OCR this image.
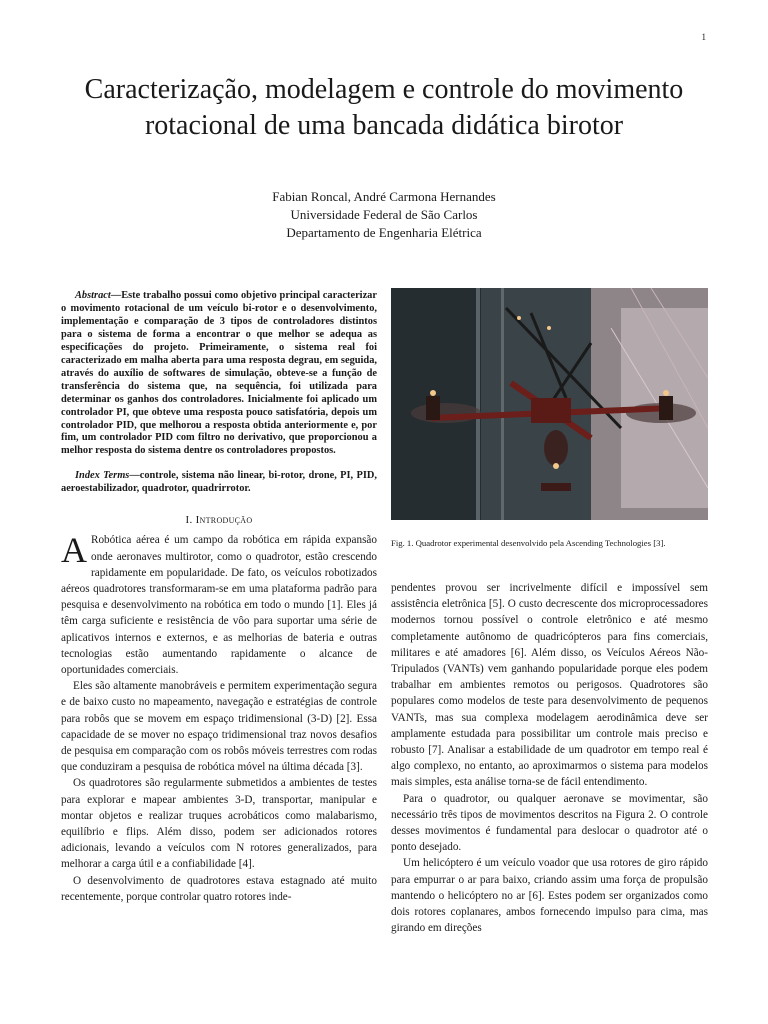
1
Caracterização, modelagem e controle do movimento rotacional de uma bancada didática birotor
Fabian Roncal, André Carmona Hernandes
Universidade Federal de São Carlos
Departamento de Engenharia Elétrica

Abstract—Este trabalho possui como objetivo principal caracterizar o movimento rotacional de um veículo bi-rotor e o desenvolvimento, implementação e comparação de 3 tipos de controladores distintos para o sistema de forma a encontrar o que melhor se adequa as especificações do projeto. Primeiramente, o sistema real foi caracterizado em malha aberta para uma resposta degrau, em seguida, através do auxílio de softwares de simulação, obteve-se a função de transferência do sistema que, na sequência, foi utilizada para determinar os ganhos dos controladores. Inicialmente foi aplicado um controlador PI, que obteve uma resposta pouco satisfatória, depois um controlador PID, que melhorou a resposta obtida anteriormente e, por fim, um controlador PID com filtro no derivativo, que proporcionou a melhor resposta do sistema dentre os controladores propostos.

Index Terms—controle, sistema não linear, bi-rotor, drone, PI, PID, aeroestabilizador, quadrotor, quadrirrotor.

I. Introdução

A Robótica aérea é um campo da robótica em rápida expansão onde aeronaves multirotor, como o quadrotor, estão crescendo rapidamente em popularidade. De fato, os veículos robotizados aéreos quadrotores transformaram-se em uma plataforma padrão para pesquisa e desenvolvimento na robótica em todo o mundo [1]. Eles já têm carga suficiente e resistência de vôo para suportar uma série de aplicativos internos e externos, e as melhorias de bateria e outras tecnologias estão aumentando rapidamente o alcance de oportunidades comerciais.

Eles são altamente manobráveis e permitem experimentação segura e de baixo custo no mapeamento, navegação e estratégias de controle para robôs que se movem em espaço tridimensional (3-D) [2]. Essa capacidade de se mover no espaço tridimensional traz novos desafios de pesquisa em comparação com os robôs móveis terrestres com rodas que conduziram a pesquisa de robótica móvel na última década [3].

Os quadrotores são regularmente submetidos a ambientes de testes para explorar e mapear ambientes 3-D, transportar, manipular e montar objetos e realizar truques acrobáticos como malabarismo, equilíbrio e flips. Além disso, podem ser adicionados rotores adicionais, levando a veículos com N rotores generalizados, para melhorar a carga útil e a confiabilidade [4].

O desenvolvimento de quadrotores estava estagnado até muito recentemente, porque controlar quatro rotores inde-

Fig. 1. Quadrotor experimental desenvolvido pela Ascending Technologies [3].

pendentes provou ser incrivelmente difícil e impossível sem assistência eletrônica [5]. O custo decrescente dos microprocessadores modernos tornou possível o controle eletrônico e até mesmo completamente autônomo de quadricópteros para fins comerciais, militares e até amadores [6]. Além disso, os Veículos Aéreos Não-Tripulados (VANTs) vem ganhando popularidade porque eles podem trabalhar em ambientes remotos ou perigosos. Quadrotores são populares como modelos de teste para desenvolvimento de pequenos VANTs, mas sua complexa modelagem aerodinâmica deve ser amplamente estudada para possibilitar um controle mais preciso e robusto [7]. Analisar a estabilidade de um quadrotor em tempo real é algo complexo, no entanto, ao aproximarmos o sistema para modelos mais simples, esta análise torna-se de fácil entendimento.

Para o quadrotor, ou qualquer aeronave se movimentar, são necessário três tipos de movimentos descritos na Figura 2. O controle desses movimentos é fundamental para deslocar o quadrotor até o ponto desejado.

Um helicóptero é um veículo voador que usa rotores de giro rápido para empurrar o ar para baixo, criando assim uma força de propulsão mantendo o helicóptero no ar [6]. Estes podem ser organizados como dois rotores coplanares, ambos fornecendo impulso para cima, mas girando em direções
